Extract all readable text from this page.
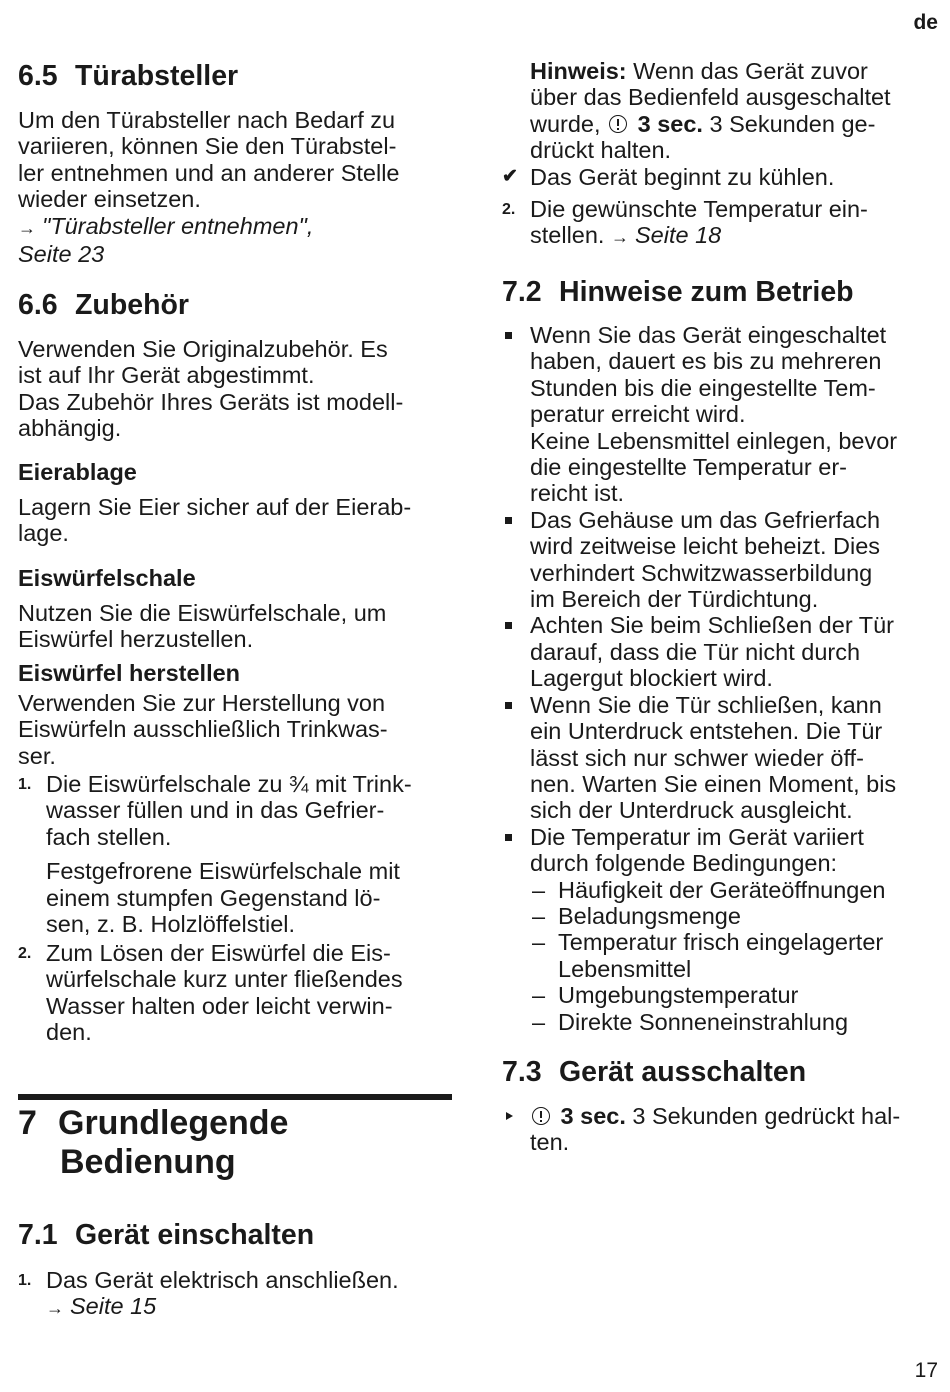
de
6.5 Türabsteller
Um den Türabsteller nach Bedarf zu
variieren, können Sie den Türabstel-
ler entnehmen und an anderer Stelle
wieder einsetzen.
→ "Türabsteller entnehmen",
Seite 23
6.6 Zubehör
Verwenden Sie Originalzubehör. Es
ist auf Ihr Gerät abgestimmt.
Das Zubehör Ihres Geräts ist modell-
abhängig.
Eierablage
Lagern Sie Eier sicher auf der Eierab-
lage.
Eiswürfelschale
Nutzen Sie die Eiswürfelschale, um
Eiswürfel herzustellen.
Eiswürfel herstellen
Verwenden Sie zur Herstellung von
Eiswürfeln ausschließlich Trinkwas-
ser.
1. Die Eiswürfelschale zu ¾ mit Trink-
wasser füllen und in das Gefrier-
fach stellen.
Festgefrorene Eiswürfelschale mit
einem stumpfen Gegenstand lö-
sen, z. B. Holzlöffelstiel.
2. Zum Lösen der Eiswürfel die Eis-
würfelschale kurz unter fließendes
Wasser halten oder leicht verwin-
den.
7 Grundlegende
Bedienung
7.1 Gerät einschalten
1. Das Gerät elektrisch anschließen.
→ Seite 15
Hinweis: Wenn das Gerät zuvor
über das Bedienfeld ausgeschaltet
wurde, 3 sec. 3 Sekunden ge-
drückt halten.
✔ Das Gerät beginnt zu kühlen.
2. Die gewünschte Temperatur ein-
stellen. → Seite 18
7.2 Hinweise zum Betrieb
Wenn Sie das Gerät eingeschaltet
haben, dauert es bis zu mehreren
Stunden bis die eingestellte Tem-
peratur erreicht wird.
Keine Lebensmittel einlegen, bevor
die eingestellte Temperatur er-
reicht ist.
Das Gehäuse um das Gefrierfach
wird zeitweise leicht beheizt. Dies
verhindert Schwitzwasserbildung
im Bereich der Türdichtung.
Achten Sie beim Schließen der Tür
darauf, dass die Tür nicht durch
Lagergut blockiert wird.
Wenn Sie die Tür schließen, kann
ein Unterdruck entstehen. Die Tür
lässt sich nur schwer wieder öff-
nen. Warten Sie einen Moment, bis
sich der Unterdruck ausgleicht.
Die Temperatur im Gerät variiert
durch folgende Bedingungen:
– Häufigkeit der Geräteöffnungen
– Beladungsmenge
– Temperatur frisch eingelagerter
Lebensmittel
– Umgebungstemperatur
– Direkte Sonneneinstrahlung
7.3 Gerät ausschalten
3 sec. 3 Sekunden gedrückt hal-
ten.
17
